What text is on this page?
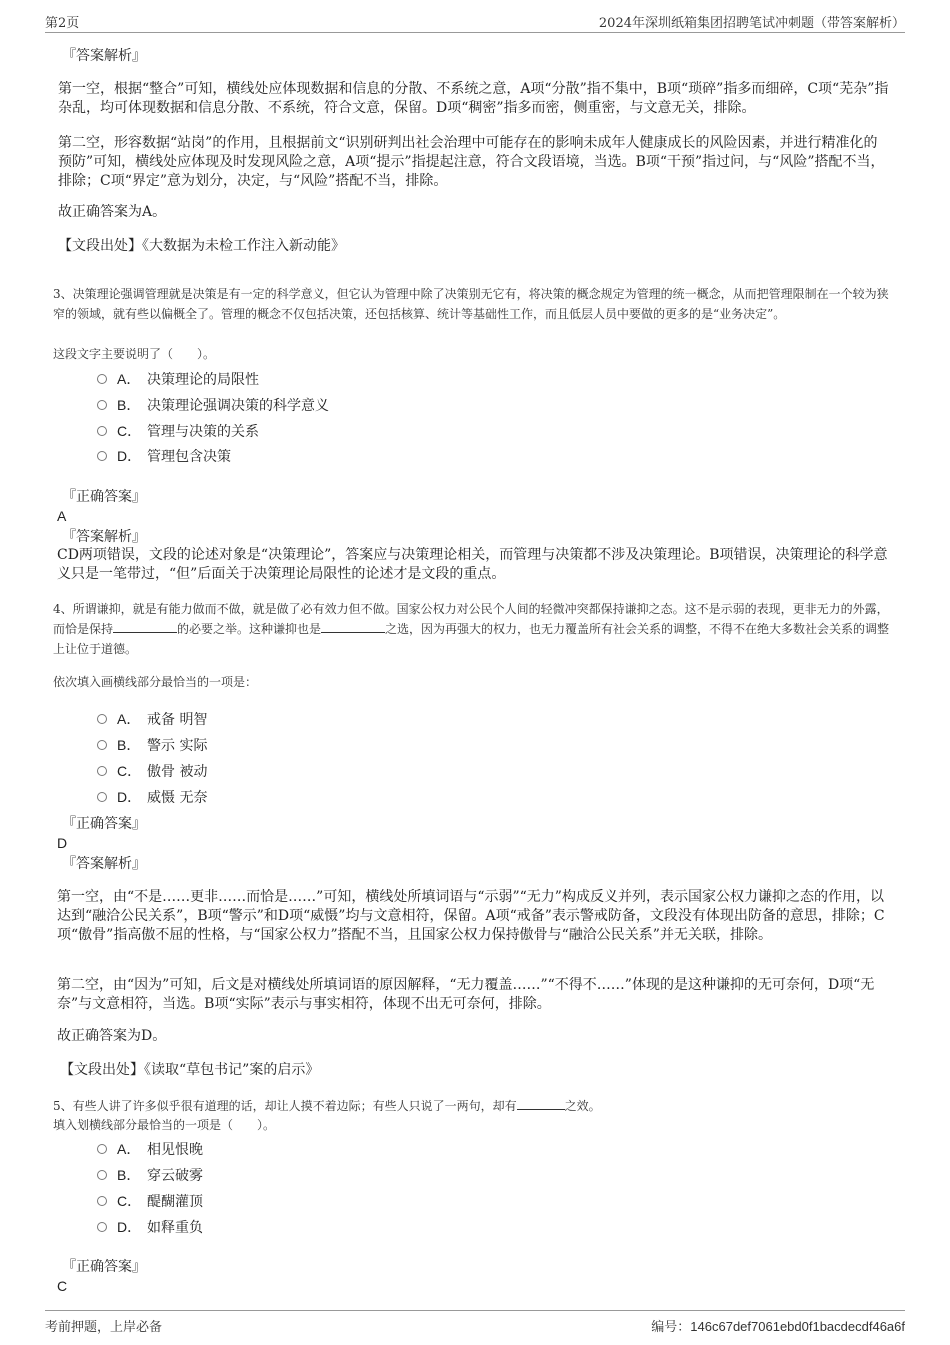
第2页	2024年深圳纸箱集团招聘笔试冲刺题（带答案解析）
『答案解析』

第一空，根据“整合”可知，横线处应体现数据和信息的分散、不系统之意，A项“分散”指不集中，B项“琐碎”指多而细碎，C项“芜杂”指杂乱，均可体现数据和信息分散、不系统，符合文意，保留。D项“稠密”指多而密，侧重密，与文意无关，排除。

第二空，形容数据“站岗”的作用，且根据前文“识别研判出社会治理中可能存在的影响未成年人健康成长的风险因素，并进行精准化的预防”可知，横线处应体现及时发现风险之意，A项“提示”指提起注意，符合文段语境，当选。B项“干预”指过问，与“风险”搭配不当，排除；C项“界定”意为划分，决定，与“风险”搭配不当，排除。

故正确答案为A。

【文段出处】《大数据为未检工作注入新动能》

3、决策理论强调管理就是决策是有一定的科学意义，但它认为管理中除了决策别无它有，将决策的概念规定为管理的统一概念，从而把管理限制在一个较为狭窄的领域，就有些以偏概全了。管理的概念不仅包括决策，还包括核算、统计等基础性工作，而且低层人员中要做的更多的是“业务决定”。

这段文字主要说明了（　　）。

A． 决策理论的局限性
B． 决策理论强调决策的科学意义
C． 管理与决策的关系
D． 管理包含决策
『正确答案』
A
『答案解析』

CD两项错误，文段的论述对象是“决策理论”，答案应与决策理论相关，而管理与决策都不涉及决策理论。B项错误，决策理论的科学意义只是一笔带过，“但”后面关于决策理论局限性的论述才是文段的重点。

4、所谓谦抑，就是有能力做而不做，就是做了必有效力但不做。国家公权力对公民个人间的轻微冲突都保持谦抑之态。这不是示弱的表现，更非无力的外露，而恰是保持	的必要之举。这种谦抑也是	之选，因为再强大的权力，也无力覆盖所有社会关系的调整，不得不在绝大多数社会关系的调整上让位于道德。

依次填入画横线部分最恰当的一项是：

A． 戒备 明智
B． 警示 实际
C． 傲骨 被动
D． 威慑 无奈
『正确答案』
D
『答案解析』

第一空，由“不是……更非……而恰是……”可知，横线处所填词语与“示弱”“无力”构成反义并列，表示国家公权力谦抑之态的作用，以达到“融洽公民关系”，B项“警示”和D项“威慑”均与文意相符，保留。A项“戒备”表示警戒防备，文段没有体现出防备的意思，排除；C项“傲骨”指高傲不屈的性格，与“国家公权力”搭配不当，且国家公权力保持傲骨与“融洽公民关系”并无关联，排除。

第二空，由“因为”可知，后文是对横线处所填词语的原因解释，“无力覆盖……”“不得不……”体现的是这种谦抑的无可奈何，D项“无奈”与文意相符，当选。B项“实际”表示与事实相符，体现不出无可奈何，排除。

故正确答案为D。

【文段出处】《读取“草包书记”案的启示》

5、有些人讲了许多似乎很有道理的话，却让人摸不着边际；有些人只说了一两句，却有	之效。

填入划横线部分最恰当的一项是（　　）。

A． 相见恨晚
B． 穿云破雾
C． 醍醐灌顶
D． 如释重负
『正确答案』
C
考前押题，上岸必备	编号：146c67def7061ebd0f1bacdecdf46a6f
